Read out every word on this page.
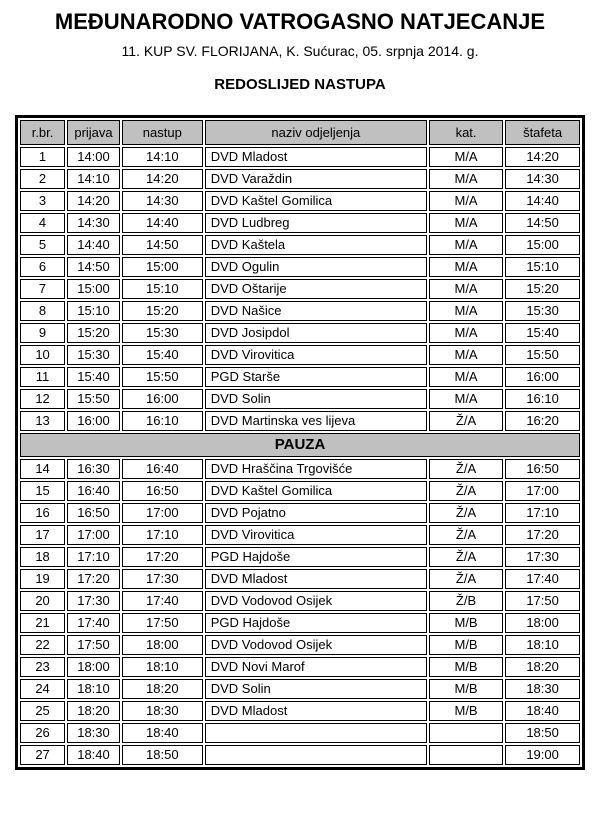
MEĐUNARODNO VATROGASNO NATJECANJE
11. KUP SV. FLORIJANA, K. Sućurac, 05. srpnja 2014. g.
REDOSLIJED NASTUPA
r.br.	prijava	nastup	naziv odjeljenja	kat.	štafeta
1	14:00	14:10	DVD Mladost	M/A	14:20
2	14:10	14:20	DVD Varaždin	M/A	14:30
3	14:20	14:30	DVD Kaštel Gomilica	M/A	14:40
4	14:30	14:40	DVD Ludbreg	M/A	14:50
5	14:40	14:50	DVD Kaštela	M/A	15:00
6	14:50	15:00	DVD Ogulin	M/A	15:10
7	15:00	15:10	DVD Oštarije	M/A	15:20
8	15:10	15:20	DVD Našice	M/A	15:30
9	15:20	15:30	DVD Josipdol	M/A	15:40
10	15:30	15:40	DVD Virovitica	M/A	15:50
11	15:40	15:50	PGD Starše	M/A	16:00
12	15:50	16:00	DVD Solin	M/A	16:10
13	16:00	16:10	DVD Martinska ves lijeva	Ž/A	16:20
PAUZA					
14	16:30	16:40	DVD Hraščina Trgovišće	Ž/A	16:50
15	16:40	16:50	DVD Kaštel Gomilica	Ž/A	17:00
16	16:50	17:00	DVD Pojatno	Ž/A	17:10
17	17:00	17:10	DVD Virovitica	Ž/A	17:20
18	17:10	17:20	PGD Hajdoše	Ž/A	17:30
19	17:20	17:30	DVD Mladost	Ž/A	17:40
20	17:30	17:40	DVD Vodovod Osijek	Ž/B	17:50
21	17:40	17:50	PGD Hajdoše	M/B	18:00
22	17:50	18:00	DVD Vodovod Osijek	M/B	18:10
23	18:00	18:10	DVD Novi Marof	M/B	18:20
24	18:10	18:20	DVD Solin	M/B	18:30
25	18:20	18:30	DVD Mladost	M/B	18:40
26	18:30	18:40			18:50
27	18:40	18:50			19:00
